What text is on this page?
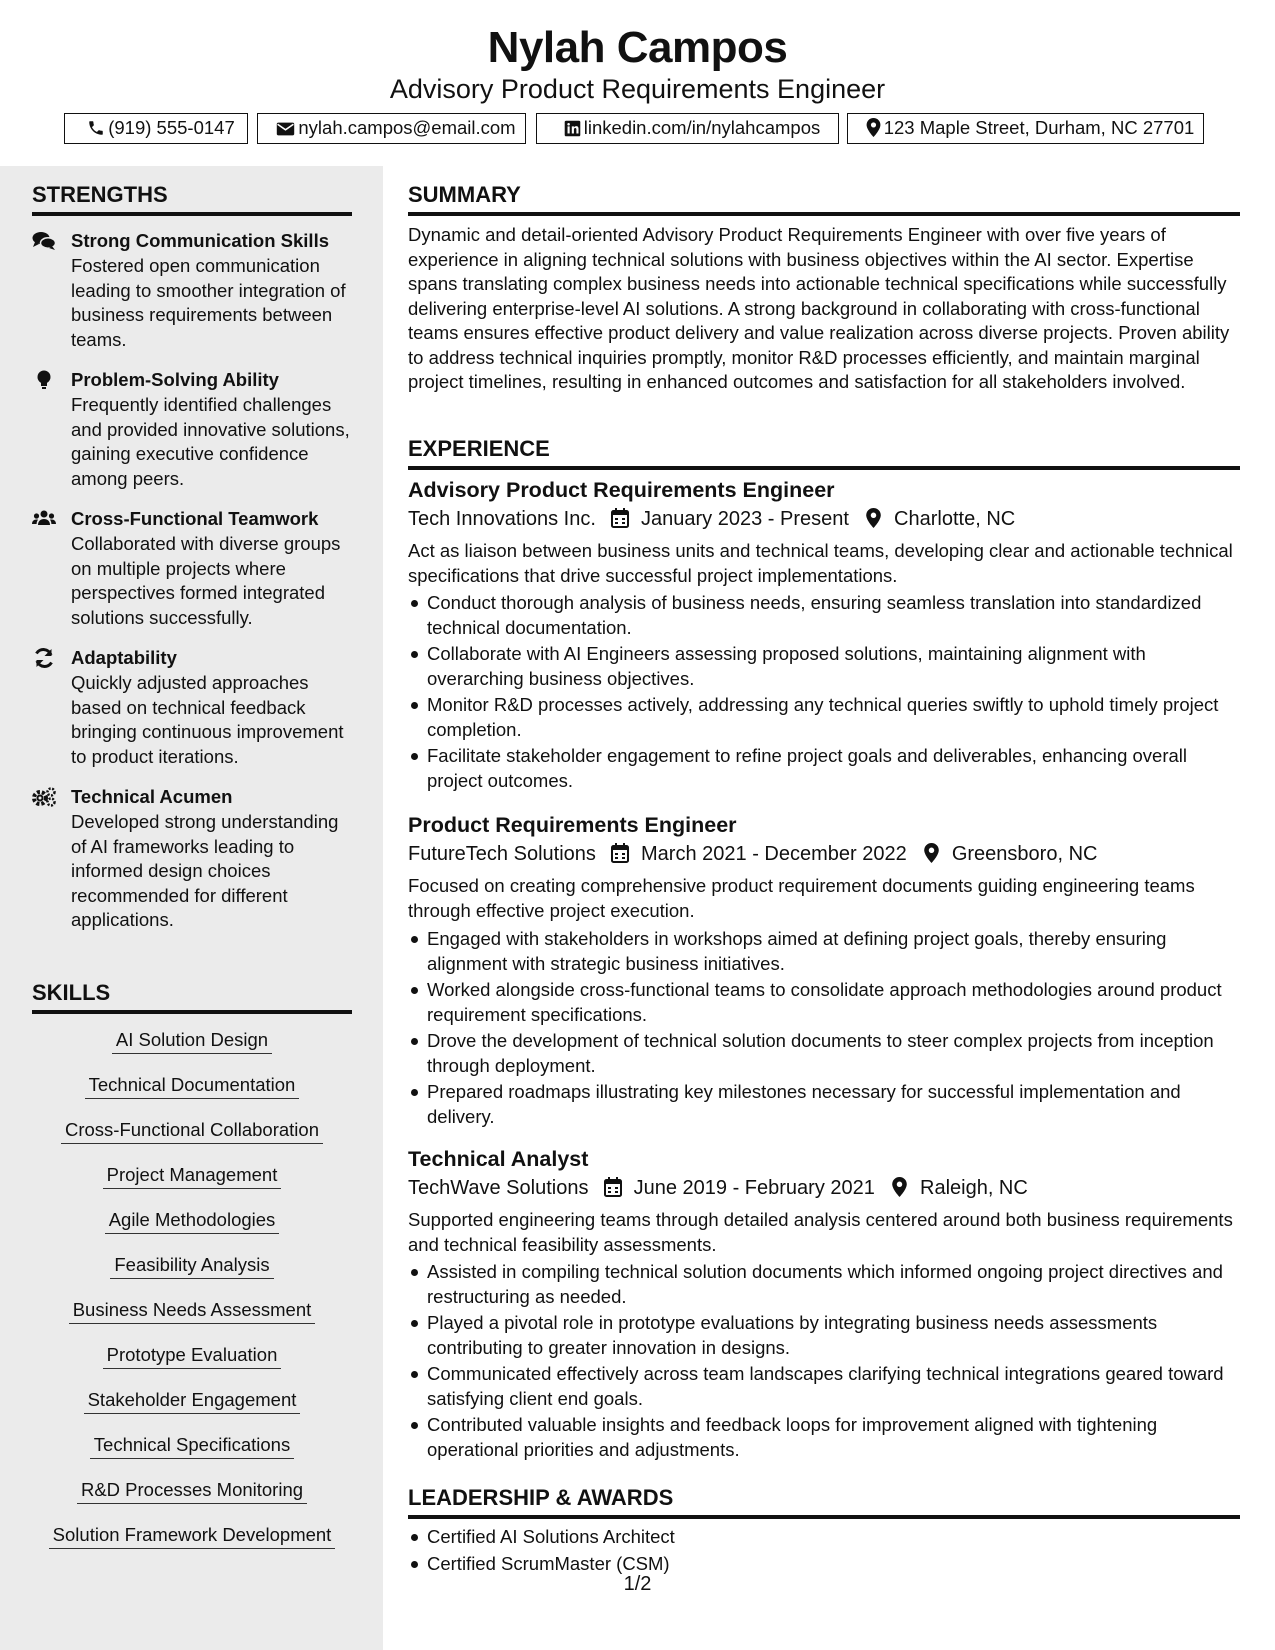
Nylah Campos
Advisory Product Requirements Engineer
(919) 555-0147	nylah.campos@email.com	linkedin.com/in/nylahcampos	123 Maple Street, Durham, NC 27701
STRENGTHS
Strong Communication Skills
Fostered open communication leading to smoother integration of business requirements between teams.
Problem-Solving Ability
Frequently identified challenges and provided innovative solutions, gaining executive confidence among peers.
Cross-Functional Teamwork
Collaborated with diverse groups on multiple projects where perspectives formed integrated solutions successfully.
Adaptability
Quickly adjusted approaches based on technical feedback bringing continuous improvement to product iterations.
Technical Acumen
Developed strong understanding of AI frameworks leading to informed design choices recommended for different applications.
SKILLS
AI Solution Design
Technical Documentation
Cross-Functional Collaboration
Project Management
Agile Methodologies
Feasibility Analysis
Business Needs Assessment
Prototype Evaluation
Stakeholder Engagement
Technical Specifications
R&D Processes Monitoring
Solution Framework Development
SUMMARY
Dynamic and detail-oriented Advisory Product Requirements Engineer with over five years of experience in aligning technical solutions with business objectives within the AI sector. Expertise spans translating complex business needs into actionable technical specifications while successfully delivering enterprise-level AI solutions. A strong background in collaborating with cross-functional teams ensures effective product delivery and value realization across diverse projects. Proven ability to address technical inquiries promptly, monitor R&D processes efficiently, and maintain marginal project timelines, resulting in enhanced outcomes and satisfaction for all stakeholders involved.
EXPERIENCE
Advisory Product Requirements Engineer
Tech Innovations Inc. January 2023 - Present Charlotte, NC
Act as liaison between business units and technical teams, developing clear and actionable technical specifications that drive successful project implementations.
Conduct thorough analysis of business needs, ensuring seamless translation into standardized technical documentation.
Collaborate with AI Engineers assessing proposed solutions, maintaining alignment with overarching business objectives.
Monitor R&D processes actively, addressing any technical queries swiftly to uphold timely project completion.
Facilitate stakeholder engagement to refine project goals and deliverables, enhancing overall project outcomes.
Product Requirements Engineer
FutureTech Solutions March 2021 - December 2022 Greensboro, NC
Focused on creating comprehensive product requirement documents guiding engineering teams through effective project execution.
Engaged with stakeholders in workshops aimed at defining project goals, thereby ensuring alignment with strategic business initiatives.
Worked alongside cross-functional teams to consolidate approach methodologies around product requirement specifications.
Drove the development of technical solution documents to steer complex projects from inception through deployment.
Prepared roadmaps illustrating key milestones necessary for successful implementation and delivery.
Technical Analyst
TechWave Solutions June 2019 - February 2021 Raleigh, NC
Supported engineering teams through detailed analysis centered around both business requirements and technical feasibility assessments.
Assisted in compiling technical solution documents which informed ongoing project directives and restructuring as needed.
Played a pivotal role in prototype evaluations by integrating business needs assessments contributing to greater innovation in designs.
Communicated effectively across team landscapes clarifying technical integrations geared toward satisfying client end goals.
Contributed valuable insights and feedback loops for improvement aligned with tightening operational priorities and adjustments.
LEADERSHIP & AWARDS
Certified AI Solutions Architect
Certified ScrumMaster (CSM)
1/2
